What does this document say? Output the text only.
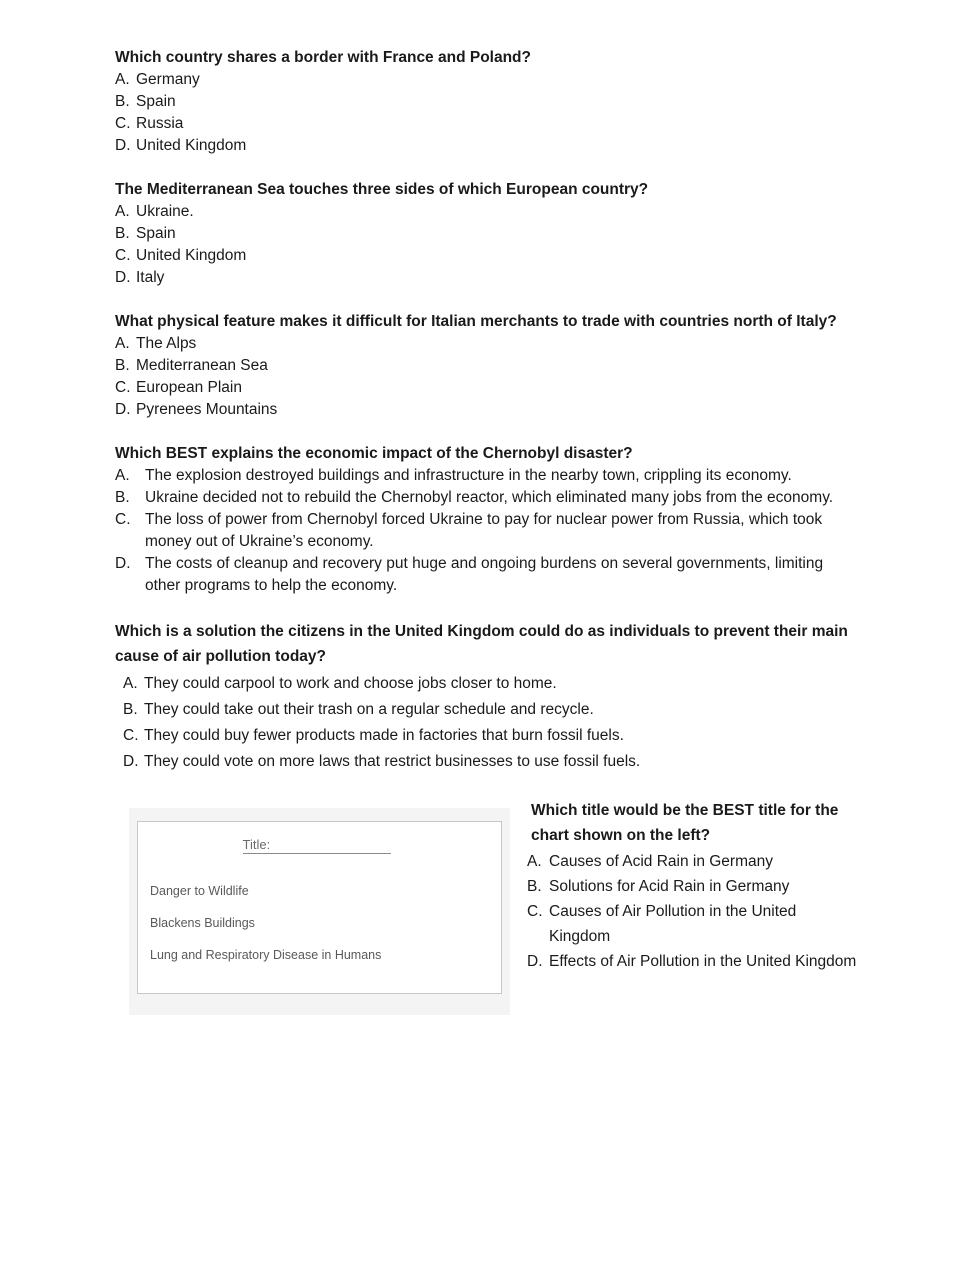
Which country shares a border with France and Poland?

A. Germany
B. Spain
C. Russia
D. United Kingdom

The Mediterranean Sea touches three sides of which European country?

A. Ukraine.
B. Spain
C. United Kingdom
D. Italy

What physical feature makes it difficult for Italian merchants to trade with countries north of Italy?

A. The Alps
B. Mediterranean Sea
C. European Plain
D. Pyrenees Mountains

Which BEST explains the economic impact of the Chernobyl disaster?

A. The explosion destroyed buildings and infrastructure in the nearby town, crippling its economy.
B. Ukraine decided not to rebuild the Chernobyl reactor, which eliminated many jobs from the economy.
C. The loss of power from Chernobyl forced Ukraine to pay for nuclear power from Russia, which took money out of Ukraine’s economy.
D. The costs of cleanup and recovery put huge and ongoing burdens on several governments, limiting other programs to help the economy.

Which is a solution the citizens in the United Kingdom could do as individuals to prevent their main cause of air pollution today?

A. They could carpool to work and choose jobs closer to home.
B. They could take out their trash on a regular schedule and recycle.
C. They could buy fewer products made in factories that burn fossil fuels.
D. They could vote on more laws that restrict businesses to use fossil fuels.
Title:
Danger to Wildlife
Blackens Buildings
Lung and Respiratory Disease in Humans

Which title would be the BEST title for the chart shown on the left?

A. Causes of Acid Rain in Germany
B. Solutions for Acid Rain in Germany
C. Causes of Air Pollution in the United Kingdom
D. Effects of Air Pollution in the United Kingdom
